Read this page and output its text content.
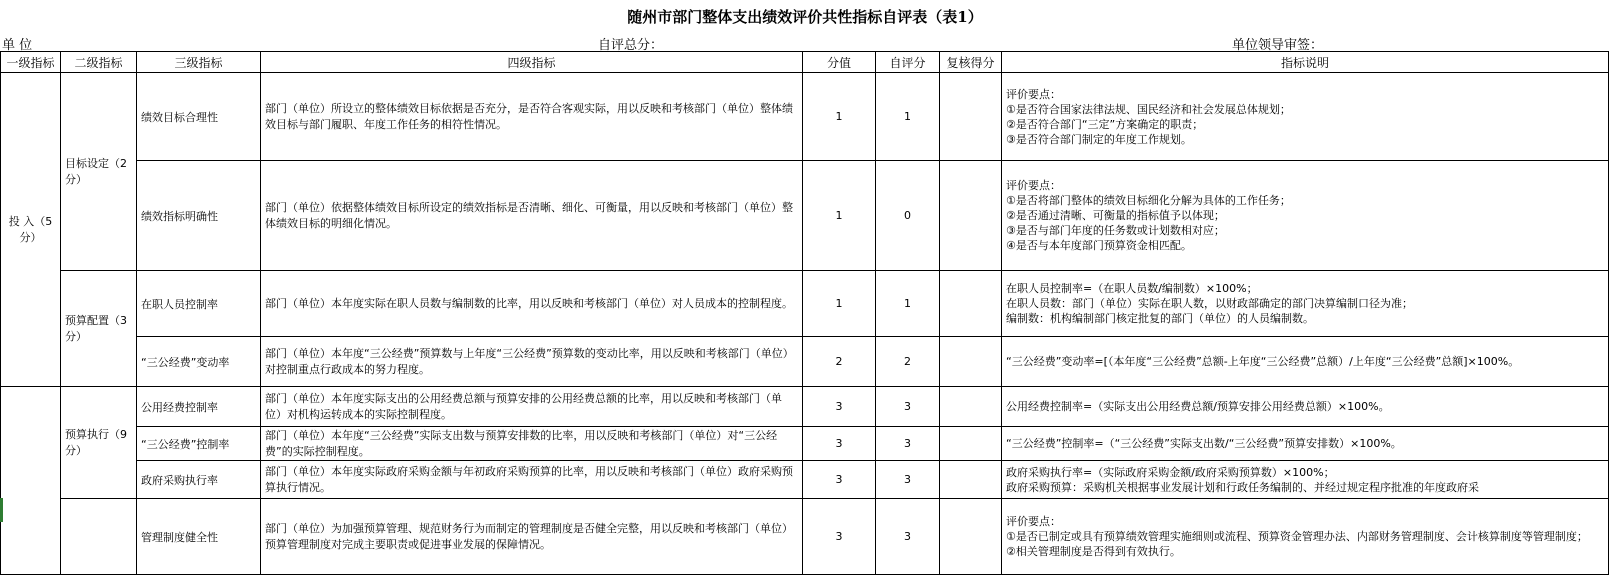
随州市部门整体支出绩效评价共性指标自评表（表1）
单 位	自评总分：	单位领导审签：
一级指标	二级指标	三级指标	四级指标	分值	自评分	复核得分	指标说明
投 入（5分）	目标设定（2分）	绩效目标合理性	部门（单位）所设立的整体绩效目标依据是否充分，是否符合客观实际，用以反映和考核部门（单位）整体绩效目标与部门履职、年度工作任务的相符性情况。	1	1		评价要点：
①是否符合国家法律法规、国民经济和社会发展总体规划；
②是否符合部门“三定”方案确定的职责；
③是否符合部门制定的年度工作规划。

		绩效指标明确性	部门（单位）依据整体绩效目标所设定的绩效指标是否清晰、细化、可衡量，用以反映和考核部门（单位）整体绩效目标的明细化情况。	1	0		评价要点：
①是否将部门整体的绩效目标细化分解为具体的工作任务；
②是否通过清晰、可衡量的指标值予以体现；
③是否与部门年度的任务数或计划数相对应；
④是否与本年度部门预算资金相匹配。

	预算配置（3分）	在职人员控制率	部门（单位）本年度实际在职人员数与编制数的比率，用以反映和考核部门（单位）对人员成本的控制程度。	1	1		在职人员控制率=（在职人员数/编制数）×100%；
在职人员数：部门（单位）实际在职人数，以财政部确定的部门决算编制口径为准；
编制数：机构编制部门核定批复的部门（单位）的人员编制数。

		“三公经费”变动率	部门（单位）本年度“三公经费”预算数与上年度“三公经费”预算数的变动比率，用以反映和考核部门（单位）对控制重点行政成本的努力程度。	2	2		“三公经费”变动率=[（本年度“三公经费”总额-上年度“三公经费”总额）/上年度“三公经费”总额]×100%。

	预算执行（9分）	公用经费控制率	部门（单位）本年度实际支出的公用经费总额与预算安排的公用经费总额的比率，用以反映和考核部门（单位）对机构运转成本的实际控制程度。	3	3		公用经费控制率=（实际支出公用经费总额/预算安排公用经费总额）×100%。

		“三公经费”控制率	部门（单位）本年度“三公经费”实际支出数与预算安排数的比率，用以反映和考核部门（单位）对“三公经费”的实际控制程度。	3	3		“三公经费”控制率=（“三公经费”实际支出数/“三公经费”预算安排数）×100%。

		政府采购执行率	部门（单位）本年度实际政府采购金额与年初政府采购预算的比率，用以反映和考核部门（单位）政府采购预算执行情况。	3	3		政府采购执行率=（实际政府采购金额/政府采购预算数）×100%；
政府采购预算：采购机关根据事业发展计划和行政任务编制的、并经过规定程序批准的年度政府采

		管理制度健全性	部门（单位）为加强预算管理、规范财务行为而制定的管理制度是否健全完整，用以反映和考核部门（单位）预算管理制度对完成主要职责或促进事业发展的保障情况。	3	3		评价要点：
①是否已制定或具有预算绩效管理实施细则或流程、预算资金管理办法、内部财务管理制度、会计核算制度等管理制度；
②相关管理制度是否得到有效执行。
